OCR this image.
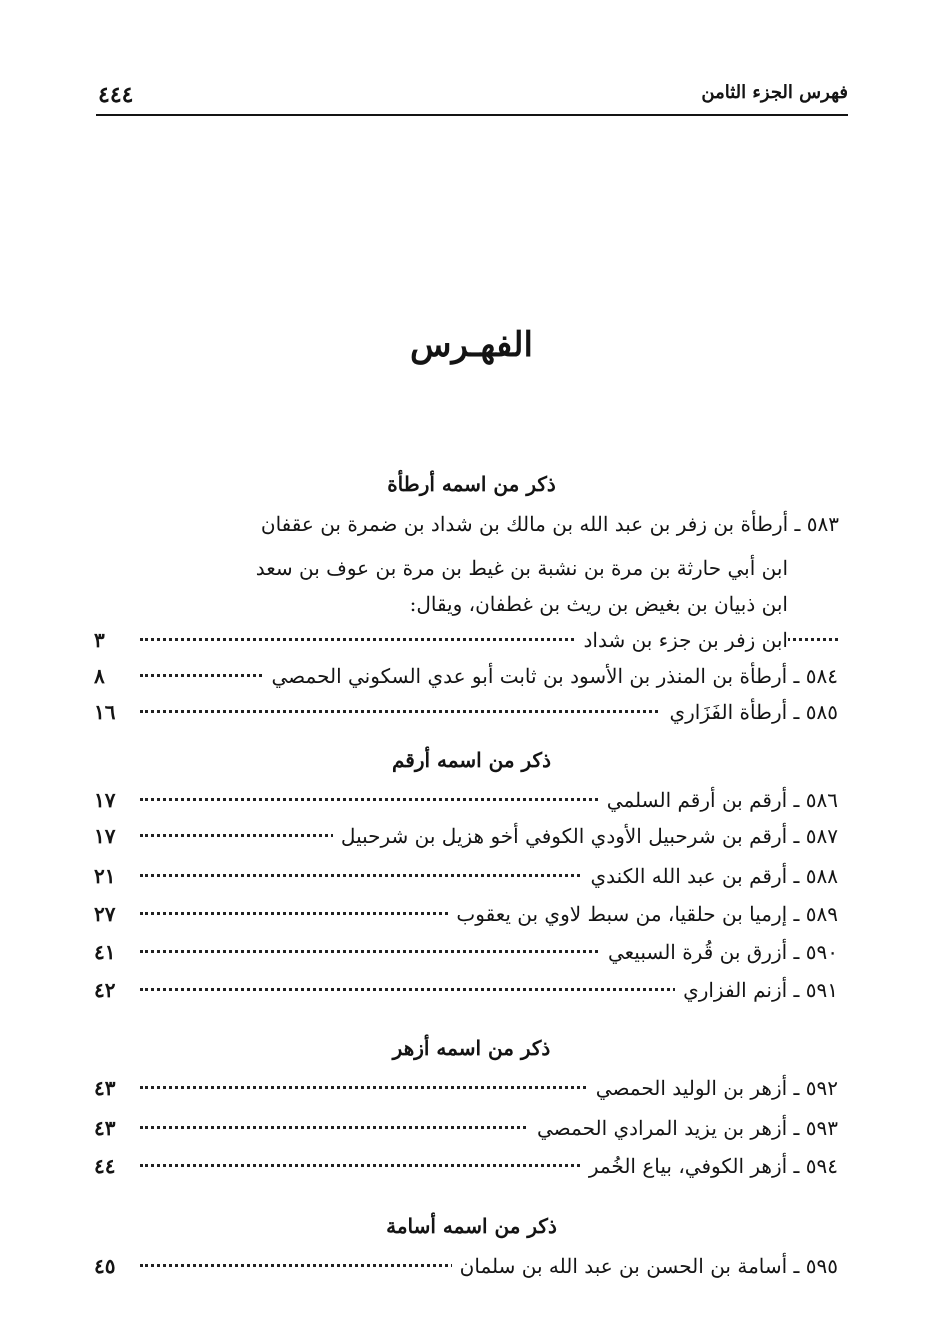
٤٤٤	فهرس الجزء الثامن
الفهـرس
ذكر من اسمه أرطأة
٥٨٣ ـ أرطأة بن زفر بن عبد الله بن مالك بن شداد بن ضمرة بن عقفان
ابن أبي حارثة بن مرة بن نشبة بن غيط بن مرة بن عوف بن سعد
ابن ذبيان بن بغيض بن ريث بن غطفان، ويقال:
ابن زفر بن جزء بن شداد
٣
٥٨٤ ـ أرطأة بن المنذر بن الأسود بن ثابت أبو عدي السكوني الحمصي
٨
٥٨٥ ـ أرطأة الفَزَاري
١٦
ذكر من اسمه أرقم
٥٨٦ ـ أرقم بن أرقم السلمي
١٧
٥٨٧ ـ أرقم بن شرحبيل الأودي الكوفي أخو هزيل بن شرحبيل
١٧
٥٨٨ ـ أرقم بن عبد الله الكندي
٢١
٥٨٩ ـ إرميا بن حلقيا، من سبط لاوي بن يعقوب
٢٧
٥٩٠ ـ أزرق بن قُرة السبيعي
٤١
٥٩١ ـ أزنم الفزاري
٤٢
ذكر من اسمه أزهر
٥٩٢ ـ أزهر بن الوليد الحمصي
٤٣
٥٩٣ ـ أزهر بن يزيد المرادي الحمصي
٤٣
٥٩٤ ـ أزهر الكوفي، بياع الخُمر
٤٤
ذكر من اسمه أسامة
٥٩٥ ـ أسامة بن الحسن بن عبد الله بن سلمان
٤٥
